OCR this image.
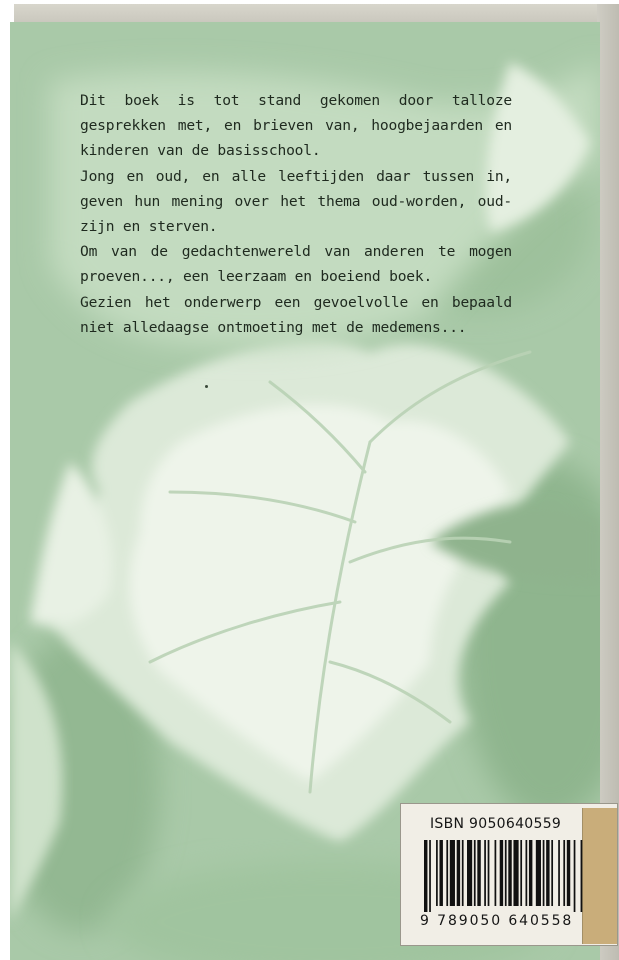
Dit boek is tot stand gekomen door talloze gesprekken met, en brieven van, hoogbejaarden en kinderen van de basisschool.

Jong en oud, en alle leeftijden daar tussen in, geven hun mening over het thema oud-worden, oud-zijn en sterven.

Om van de gedachtenwereld van anderen te mogen proeven..., een leerzaam en boeiend boek.

Gezien het onderwerp een gevoelvolle en bepaald niet alledaagse ontmoeting met de medemens...

ISBN 9050640559
9 789050 640558
